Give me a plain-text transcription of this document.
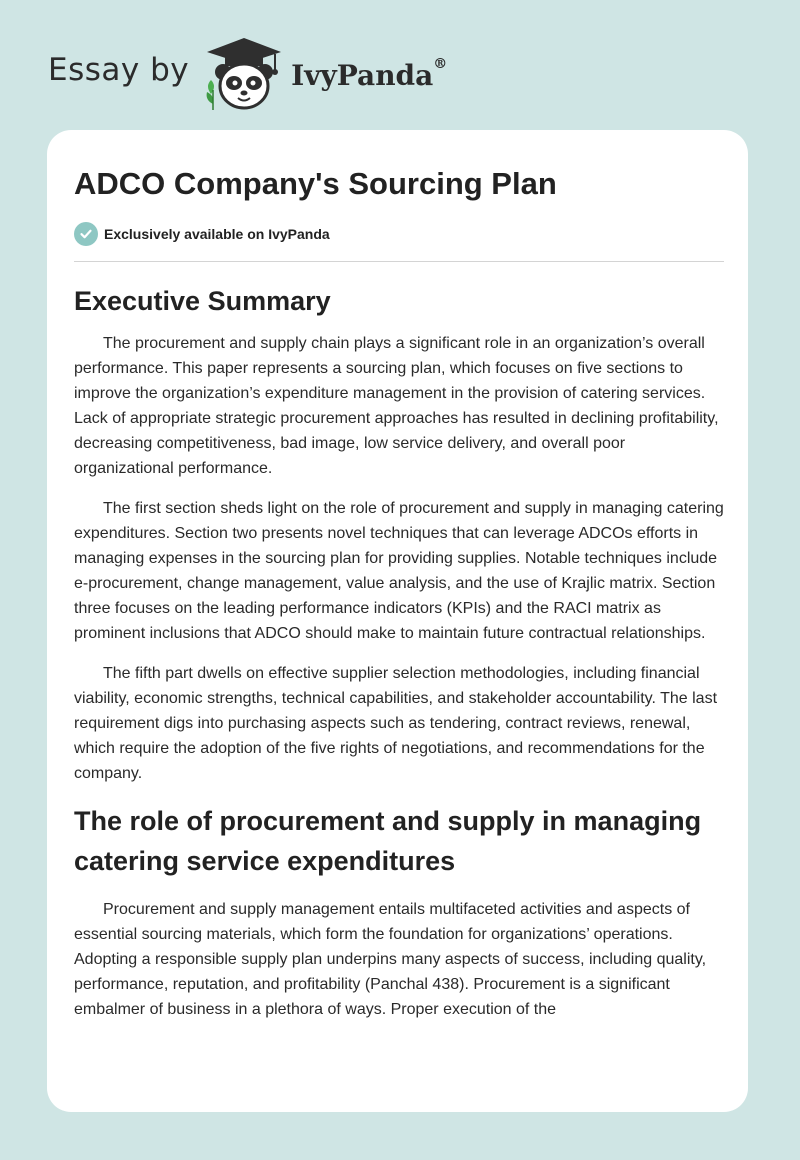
Essay by	IvyPanda®
ADCO Company's Sourcing Plan
Exclusively available on IvyPanda
Executive Summary

The procurement and supply chain plays a significant role in an organization’s overall performance. This paper represents a sourcing plan, which focuses on five sections to improve the organization’s expenditure management in the provision of catering services. Lack of appropriate strategic procurement approaches has resulted in declining profitability, decreasing competitiveness, bad image, low service delivery, and overall poor organizational performance.

The first section sheds light on the role of procurement and supply in managing catering expenditures. Section two presents novel techniques that can leverage ADCOs efforts in managing expenses in the sourcing plan for providing supplies. Notable techniques include e-procurement, change management, value analysis, and the use of Krajlic matrix. Section three focuses on the leading performance indicators (KPIs) and the RACI matrix as prominent inclusions that ADCO should make to maintain future contractual relationships.

The fifth part dwells on effective supplier selection methodologies, including financial viability, economic strengths, technical capabilities, and stakeholder accountability. The last requirement digs into purchasing aspects such as tendering, contract reviews, renewal, which require the adoption of the five rights of negotiations, and recommendations for the company.

The role of procurement and supply in managing catering service expenditures

Procurement and supply management entails multifaceted activities and aspects of essential sourcing materials, which form the foundation for organizations’ operations. Adopting a responsible supply plan underpins many aspects of success, including quality, performance, reputation, and profitability (Panchal 438). Procurement is a significant embalmer of business in a plethora of ways. Proper execution of the
